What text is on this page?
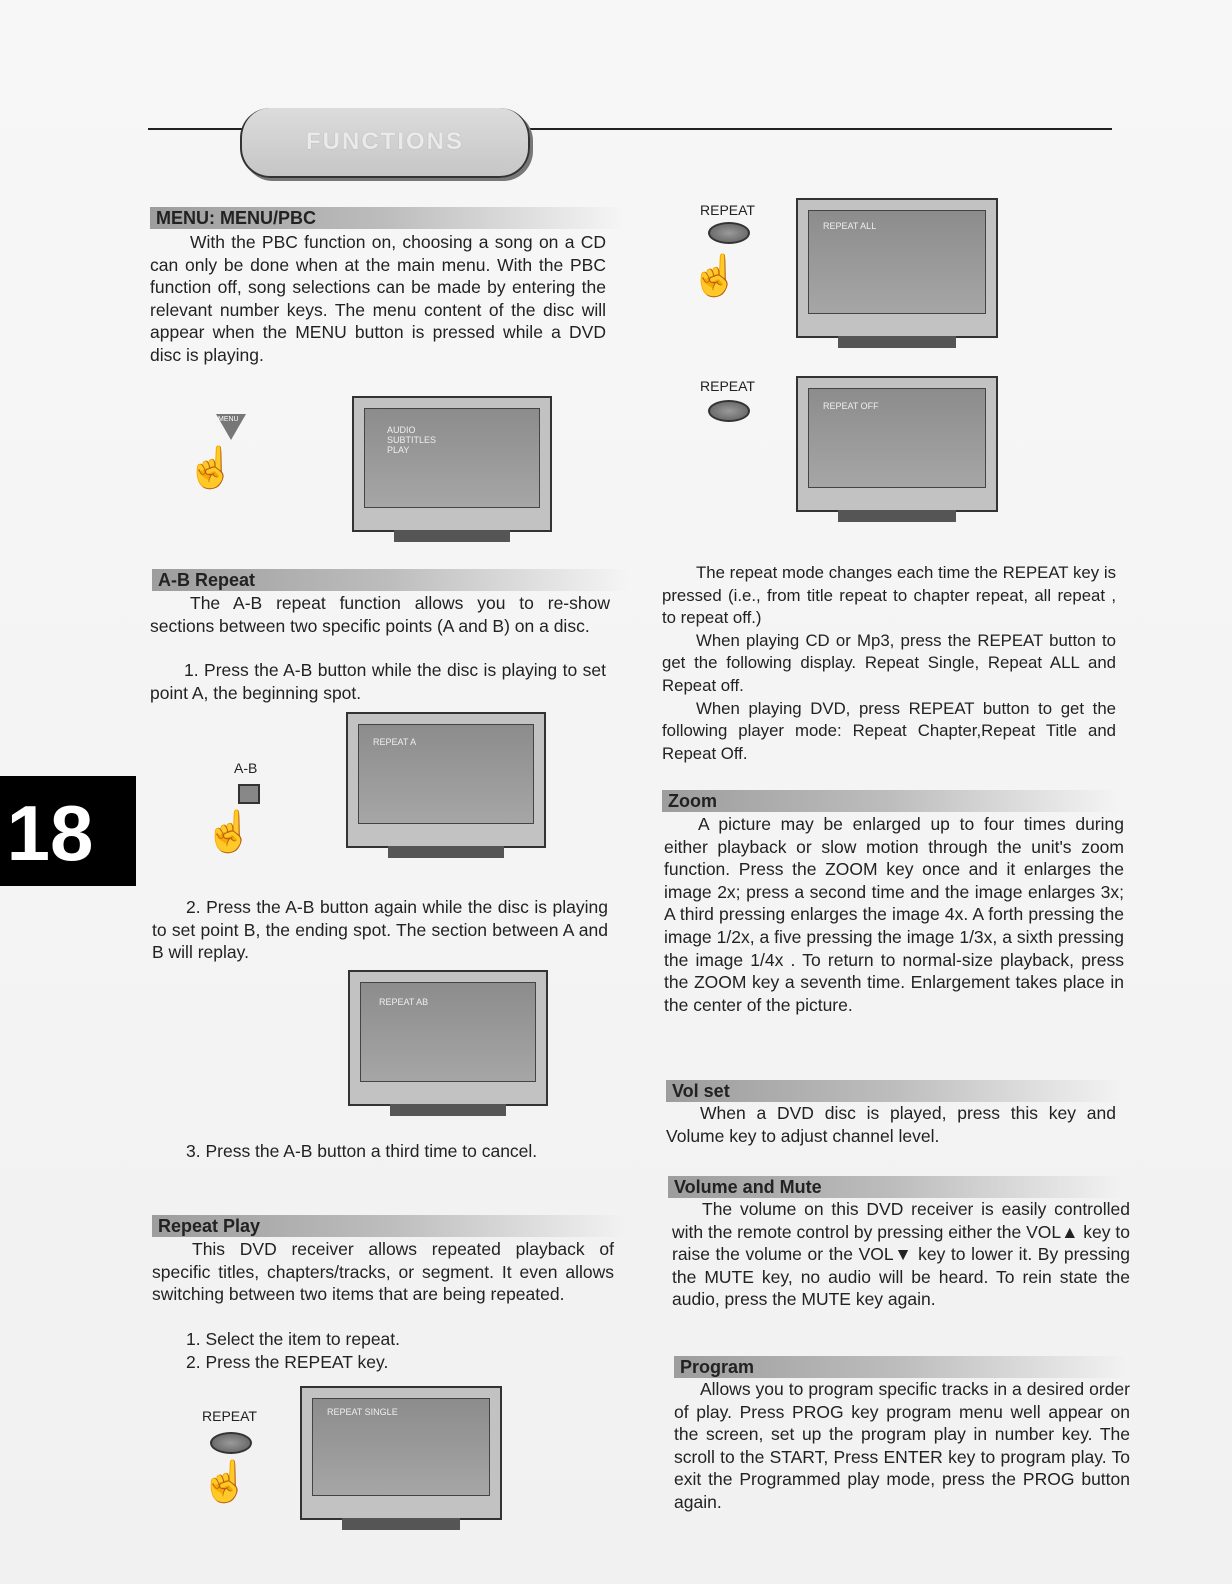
FUNCTIONS
18
MENU: MENU/PBC
With the PBC function on, choosing a song on a CD can only be done when at the main menu. With the PBC function off, song selections can be made by entering the relevant number keys. The menu content of the disc will appear when the MENU button is pressed while a DVD disc is playing.
MENU
☝
AUDIO
SUBTITLES
PLAY
A-B Repeat
The A-B repeat function allows you to re-show sections between two specific points (A and B) on a disc.
1. Press the A-B button while the disc is playing to set point A, the beginning spot.
A-B
☝
REPEAT A
2. Press the A-B button again while the disc is playing to set point B, the ending spot. The section between A and B will replay.
REPEAT AB
3. Press the A-B button a third time to cancel.
Repeat Play
This DVD receiver allows repeated playback of specific titles, chapters/tracks, or segment. It even allows switching between two items that are being repeated.
1. Select the item to repeat.
2. Press the REPEAT key.
REPEAT
☝
REPEAT SINGLE
REPEAT
☝
REPEAT ALL
REPEAT
REPEAT OFF

The repeat mode changes each time the REPEAT key is pressed (i.e., from title repeat to chapter repeat, all repeat , to repeat off.)

When playing CD or Mp3, press the REPEAT button to get the following display. Repeat Single, Repeat ALL and Repeat off.

When playing DVD, press REPEAT button to get the following player mode: Repeat Chapter,Repeat Title and Repeat Off.

Zoom
A picture may be enlarged up to four times during either playback or slow motion through the unit's zoom function. Press the ZOOM key once and it enlarges the image 2x; press a second time and the image enlarges 3x; A third pressing enlarges the image 4x. A forth pressing the image 1/2x, a five pressing the image 1/3x, a sixth pressing the image 1/4x . To return to normal-size playback, press the ZOOM key a seventh time. Enlargement takes place in the center of the picture.
Vol set
When a DVD disc is played, press this key and Volume key to adjust channel level.
Volume and Mute
The volume on this DVD receiver is easily controlled with the remote control by pressing either the VOL▲ key to raise the volume or the VOL▼ key to lower it. By pressing the MUTE key, no audio will be heard. To rein state the audio, press the MUTE key again.
Program
Allows you to program specific tracks in a desired order of play. Press PROG key program menu well appear on the screen, set up the program play in number key. The scroll to the START, Press ENTER key to program play. To exit the Programmed play mode, press the PROG button again.
